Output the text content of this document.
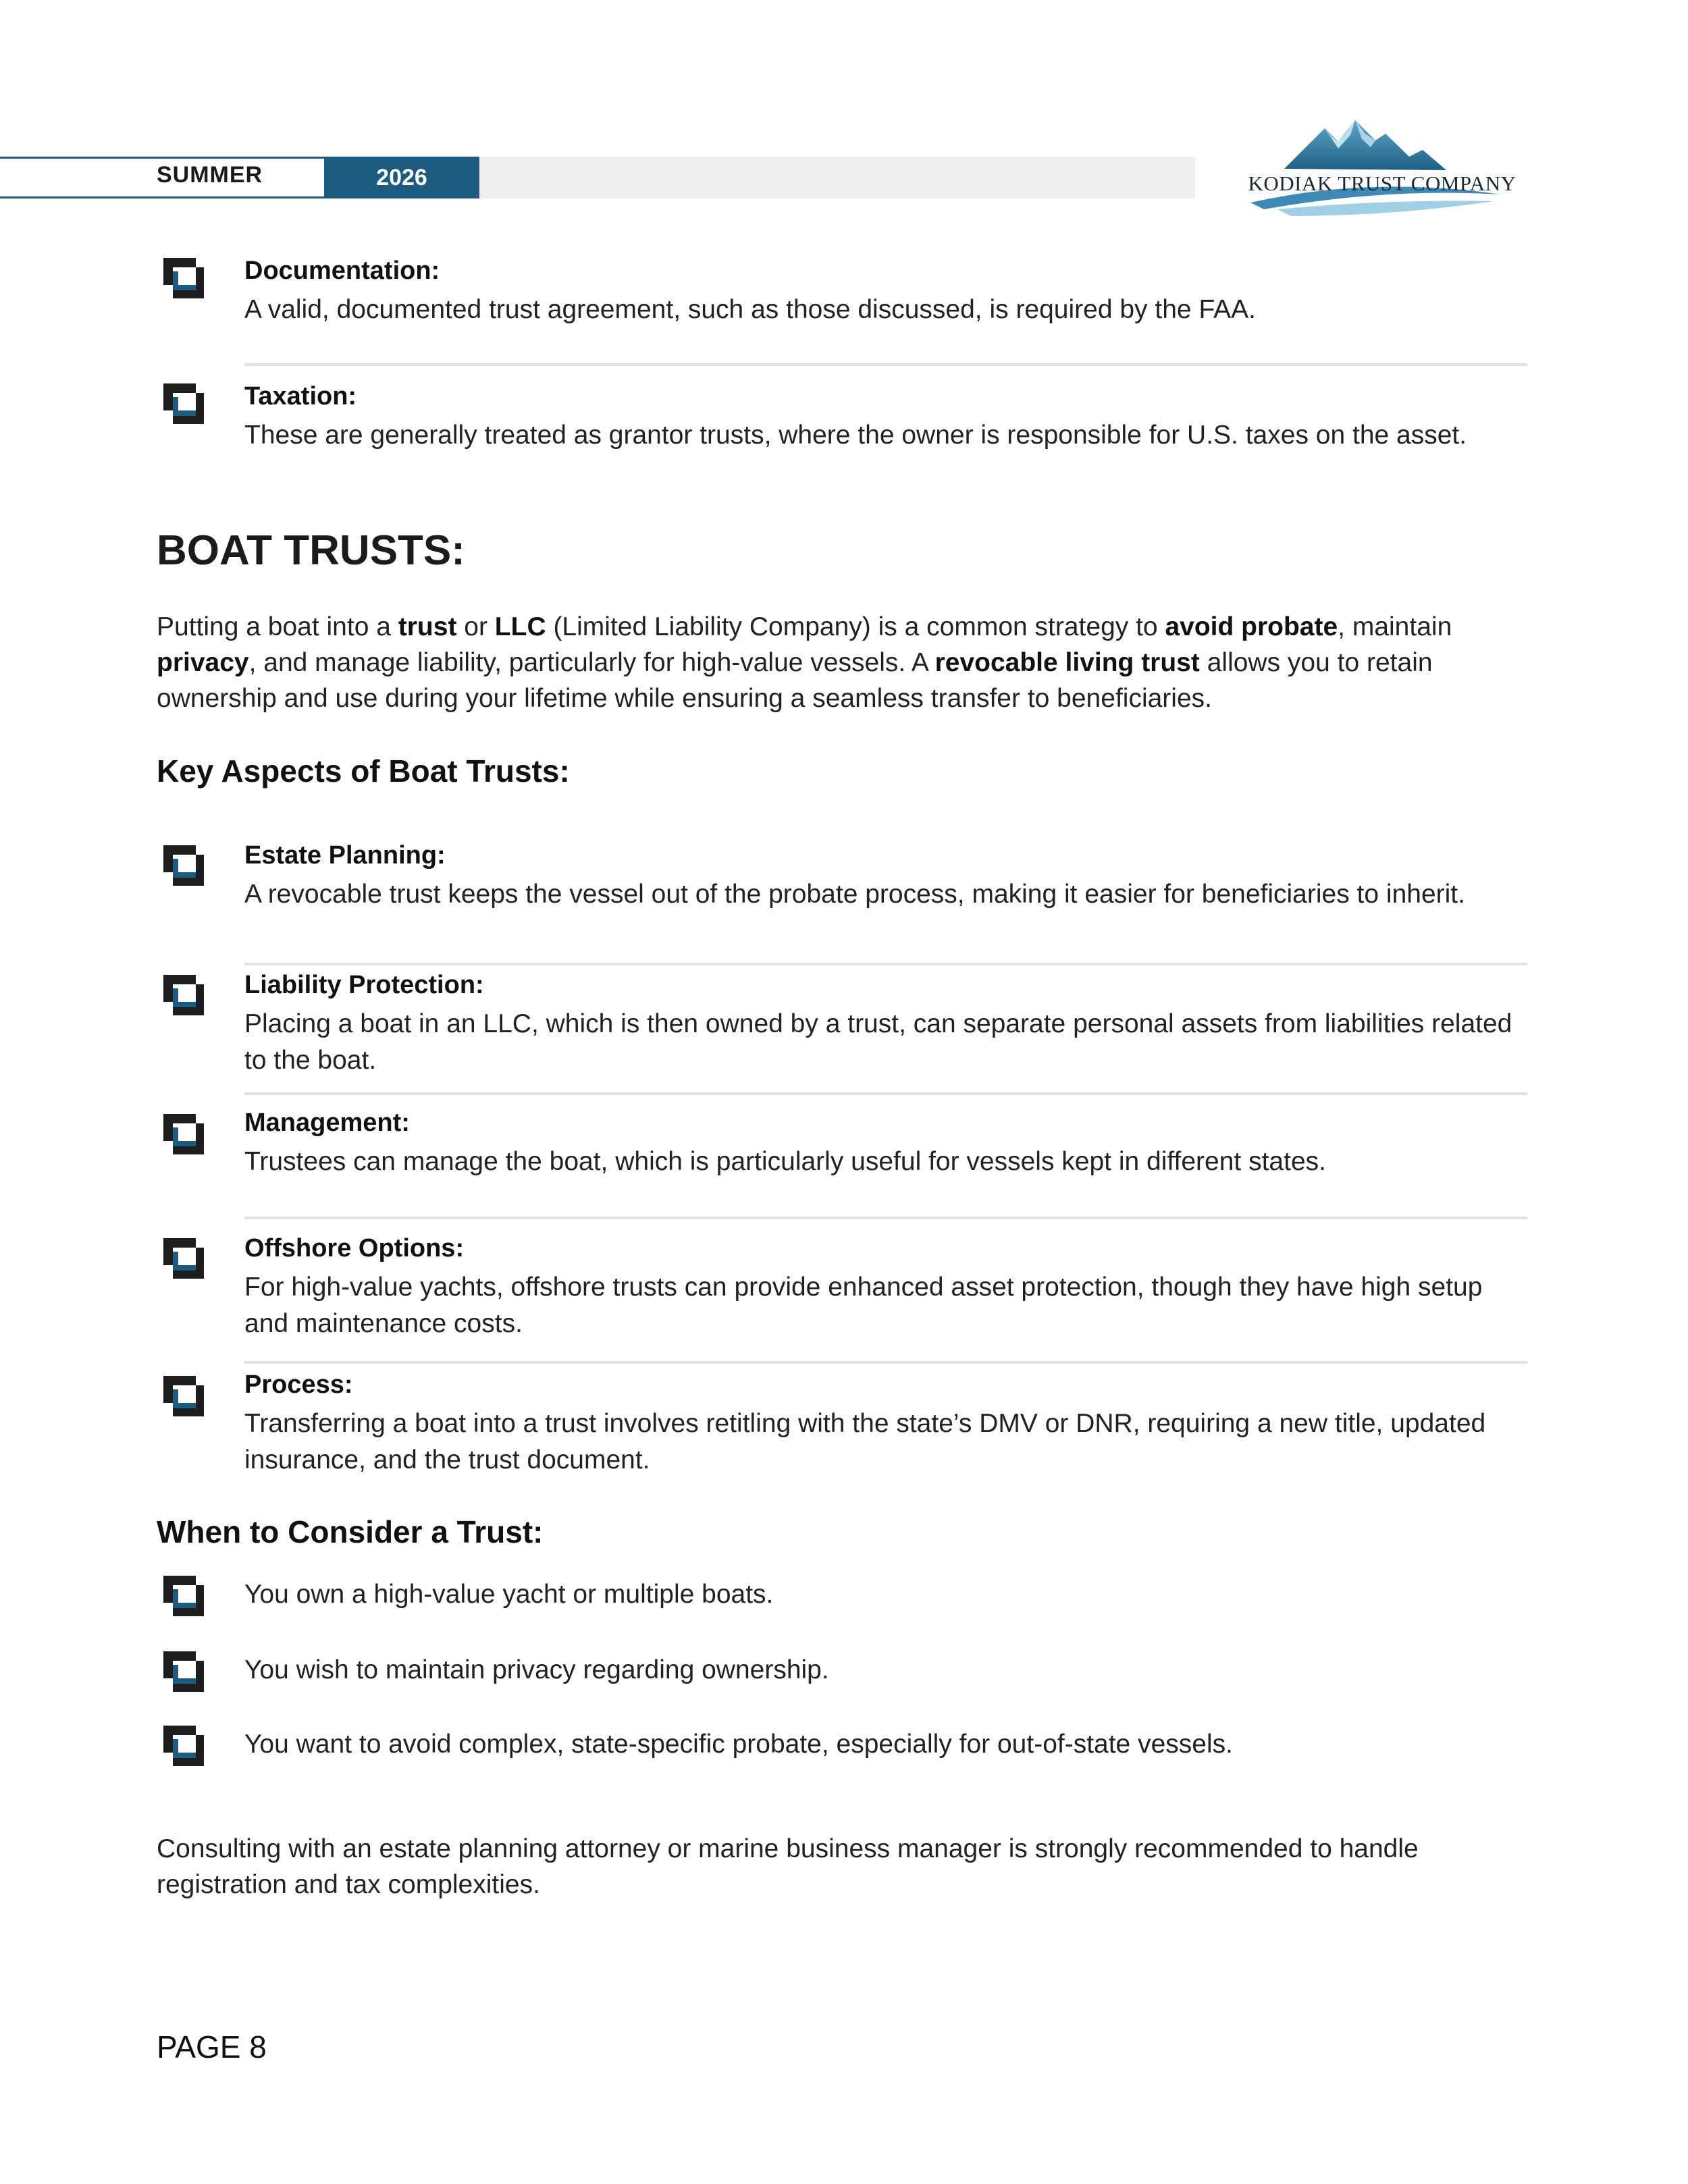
SUMMER	2026	KODIAK TRUST COMPANY
Documentation:
A valid, documented trust agreement, such as those discussed, is required by the FAA.
Taxation:
These are generally treated as grantor trusts, where the owner is responsible for U.S. taxes on the asset.
BOAT TRUSTS:
Putting a boat into a trust or LLC (Limited Liability Company) is a common strategy to avoid probate, maintain privacy, and manage liability, particularly for high-value vessels. A revocable living trust allows you to retain ownership and use during your lifetime while ensuring a seamless transfer to beneficiaries.
Key Aspects of Boat Trusts:
Estate Planning:
A revocable trust keeps the vessel out of the probate process, making it easier for beneficiaries to inherit.
Liability Protection:
Placing a boat in an LLC, which is then owned by a trust, can separate personal assets from liabilities related to the boat.
Management:
Trustees can manage the boat, which is particularly useful for vessels kept in different states.
Offshore Options:
For high-value yachts, offshore trusts can provide enhanced asset protection, though they have high setup and maintenance costs.
Process:
Transferring a boat into a trust involves retitling with the state’s DMV or DNR, requiring a new title, updated insurance, and the trust document.
When to Consider a Trust:
You own a high-value yacht or multiple boats.
You wish to maintain privacy regarding ownership.
You want to avoid complex, state-specific probate, especially for out-of-state vessels.
Consulting with an estate planning attorney or marine business manager is strongly recommended to handle registration and tax complexities.
PAGE 8
